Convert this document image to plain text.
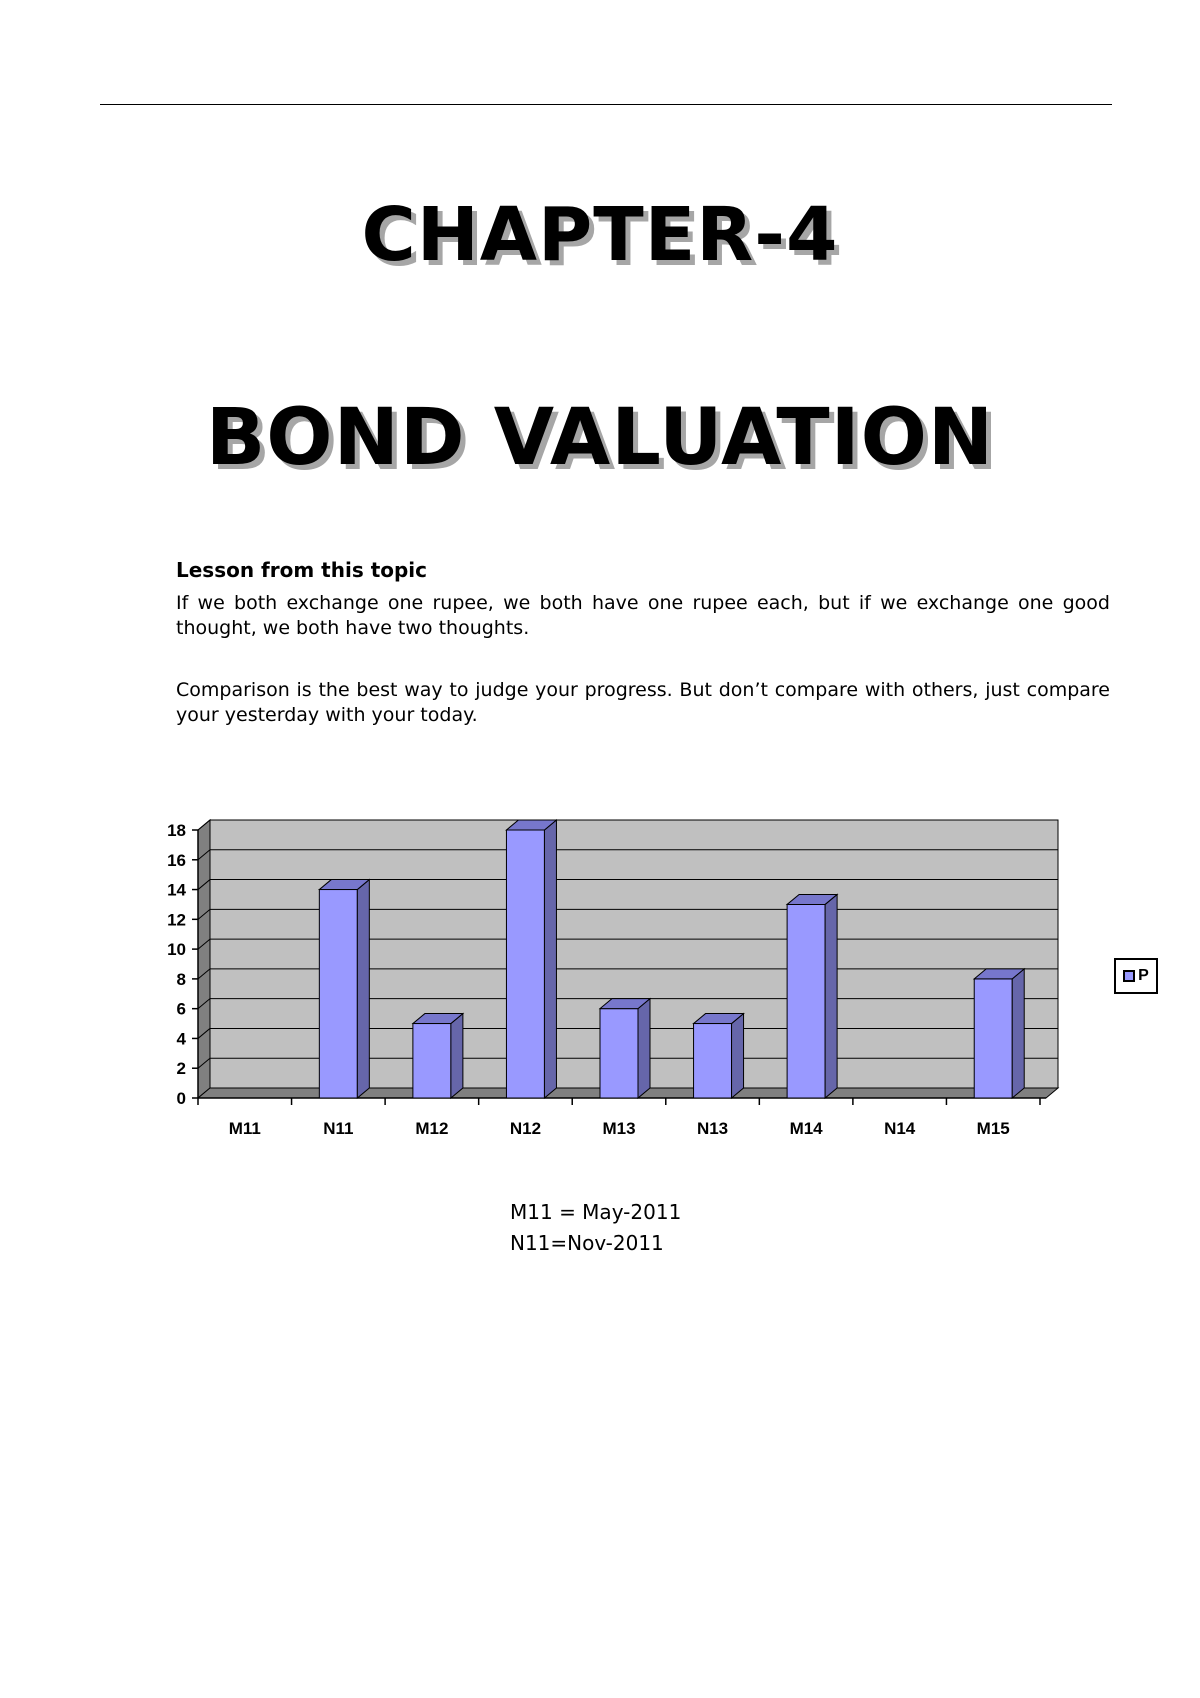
CHAPTER-4
BOND VALUATION
Lesson from this topic
If we both exchange one rupee, we both have one rupee each, but if we exchange one good thought, we both have two thoughts.
Comparison is the best way to judge your progress. But don’t compare with others, just compare your yesterday with your today.
0
2
4
6
8
10
12
14
16
18
M11	N11	M12	N12	M13	N13	M14	N14	M15
P
M11 = May-2011
N11=Nov-2011
